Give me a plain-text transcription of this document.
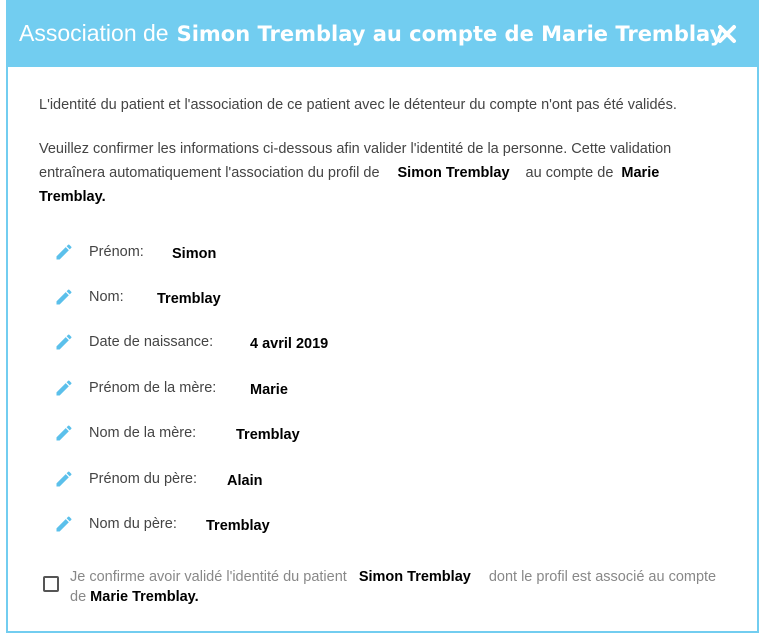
Association de Simon Tremblay au compte de Marie Tremblay
L'identité du patient et l'association de ce patient avec le détenteur du compte n'ont pas été validés.
Veuillez confirmer les informations ci-dessous afin valider l'identité de la personne. Cette validation entraînera automatiquement l'association du profil de Simon Tremblay au compte de Marie Tremblay.
Prénom: Simon
Nom: Tremblay
Date de naissance:	4 avril 2019
Prénom de la mère: Marie
Nom de la mère:	Tremblay
Prénom du père: Alain
Nom du père: Tremblay
Je confirme avoir validé l'identité du patient Simon Tremblay dont le profil est associé au compte de Marie Tremblay.
